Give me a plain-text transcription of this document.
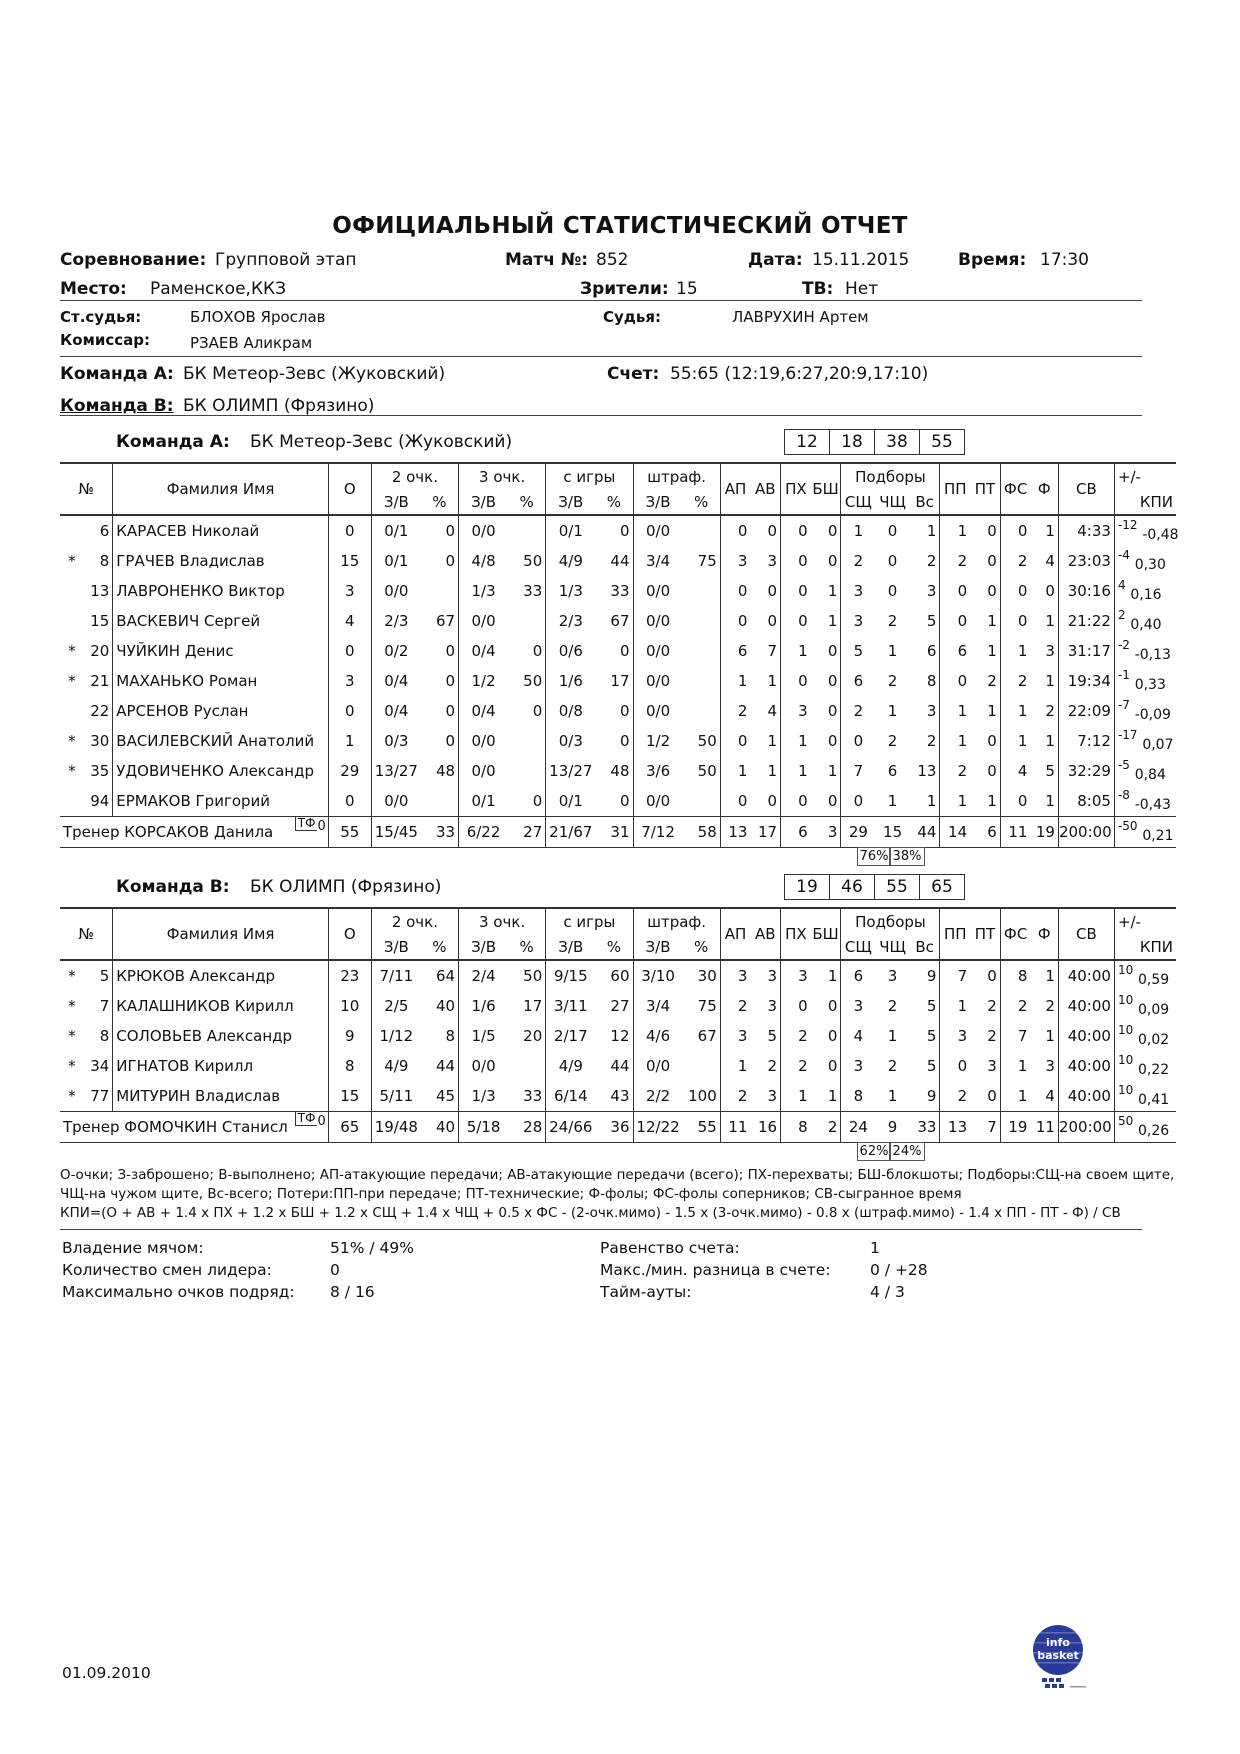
ОФИЦИАЛЬНЫЙ СТАТИСТИЧЕСКИЙ ОТЧЕТ
Соревнование: Групповой этап	Матч №: 852	Дата: 15.11.2015	Время: 17:30
Место: Раменское,ККЗ	Зрители: 15	ТВ: Нет
Ст.судья:	БЛОХОВ Ярослав	Судья:	ЛАВРУХИН Артем
Комиссар:	РЗАЕВ Аликрам
Команда А: БК Метеор-Зевс (Жуковский)	Счет: 55:65 (12:19,6:27,20:9,17:10)
Команда В: БК ОЛИМП (Фрязино)
Команда А: БК Метеор-Зевс (Жуковский)	12	18	38	55
№		Фамилия Имя	О	2 очк.		3 очк.		с игры		штраф.		АП	АВ	ПХ	БШ	Подборы			ПП	ПТ	ФС	Ф	СВ	+/-
				З/В	%	З/В	%	З/В	%	З/В	%					СЩ	ЧЩ	Вс						КПИ
	6	КАРАСЕВ Николай	0	0/1	0	0/0		0/1	0	0/0		0	0	0	0	1	0	1	1	0	0	1	4:33	$^{-12}$ -0,48
*	8	ГРАЧЕВ Владислав	15	0/1	0	4/8	50	4/9	44	3/4	75	3	3	0	0	2	0	2	2	0	2	4	23:03	$^{-4}$ 0,30
	13	ЛАВРОНЕНКО Виктор	3	0/0		1/3	33	1/3	33	0/0		0	0	0	1	3	0	3	0	0	0	0	30:16	$^4$ 0,16
	15	ВАСКЕВИЧ Сергей	4	2/3	67	0/0		2/3	67	0/0		0	0	0	1	3	2	5	0	1	0	1	21:22	$^2$ 0,40
*	20	ЧУЙКИН Денис	0	0/2	0	0/4	0	0/6	0	0/0		6	7	1	0	5	1	6	6	1	1	3	31:17	$^{-2}$ -0,13
*	21	МАХАНЬКО Роман	3	0/4	0	1/2	50	1/6	17	0/0		1	1	0	0	6	2	8	0	2	2	1	19:34	$^{-1}$ 0,33
	22	АРСЕНОВ Руслан	0	0/4	0	0/4	0	0/8	0	0/0		2	4	3	0	2	1	3	1	1	1	2	22:09	$^{-7}$ -0,09
*	30	ВАСИЛЕВСКИЙ Анатолий	1	0/3	0	0/0		0/3	0	1/2	50	0	1	1	0	0	2	2	1	0	1	1	7:12	$^{-17}$ 0,07
*	35	УДОВИЧЕНКО Александр	29	13/27	48	0/0		13/27	48	3/6	50	1	1	1	1	7	6	13	2	0	4	5	32:29	$^{-5}$ 0,84
	94	ЕРМАКОВ Григорий	0	0/0		0/1	0	0/1	0	0/0		0	0	0	0	0	1	1	1	1	0	1	8:05	$^{-8}$ -0,43
Тренер КОРСАКОВ Данила ТФ 0			55	15/45	33	6/22	27	21/67	31	7/12	58	13	17	6	3	29	15	44	14	6	11	19	200:00	$^{-50}$ 0,21
76% 38%
Команда В: БК ОЛИМП (Фрязино)	19	46	55	65
№		Фамилия Имя	О	2 очк.		3 очк.		с игры		штраф.		АП	АВ	ПХ	БШ	Подборы			ПП	ПТ	ФС	Ф	СВ	+/-
				З/В	%	З/В	%	З/В	%	З/В	%					СЩ	ЧЩ	Вс						КПИ
*	5	КРЮКОВ Александр	23	7/11	64	2/4	50	9/15	60	3/10	30	3	3	3	1	6	3	9	7	0	8	1	40:00	$^{10}$ 0,59
*	7	КАЛАШНИКОВ Кирилл	10	2/5	40	1/6	17	3/11	27	3/4	75	2	3	0	0	3	2	5	1	2	2	2	40:00	$^{10}$ 0,09
*	8	СОЛОВЬЕВ Александр	9	1/12	8	1/5	20	2/17	12	4/6	67	3	5	2	0	4	1	5	3	2	7	1	40:00	$^{10}$ 0,02
*	34	ИГНАТОВ Кирилл	8	4/9	44	0/0		4/9	44	0/0		1	2	2	0	3	2	5	0	3	1	3	40:00	$^{10}$ 0,22
*	77	МИТУРИН Владислав	15	5/11	45	1/3	33	6/14	43	2/2	100	2	3	1	1	8	1	9	2	0	1	4	40:00	$^{10}$ 0,41
Тренер ФОМОЧКИН Станисл ТФ 0			65	19/48	40	5/18	28	24/66	36	12/22	55	11	16	8	2	24	9	33	13	7	19	11	200:00	$^{50}$ 0,26
62% 24%
О-очки; З-заброшено; В-выполнено; АП-атакующие передачи; АВ-атакующие передачи (всего); ПХ-перехваты; БШ-блокшоты; Подборы:СЩ-на своем щите,
ЧЩ-на чужом щите, Вс-всего; Потери:ПП-при передаче; ПТ-технические; Ф-фолы; ФС-фолы соперников; СВ-сыгранное время
КПИ=(О + АВ + 1.4 x ПХ + 1.2 x БШ + 1.2 x СЩ + 1.4 x ЧЩ + 0.5 x ФС - (2-очк.мимо) - 1.5 x (3-очк.мимо) - 0.8 x (штраф.мимо) - 1.4 x ПП - ПТ - Ф) / СВ
Владение мячом:	51% / 49%
Количество смен лидера:	0
Максимально очков подряд: 8 / 16
Равенство счета:	1
Макс./мин. разница в счете:	0 / +28
Тайм-ауты:	4 / 3
01.09.2010
info
basket
